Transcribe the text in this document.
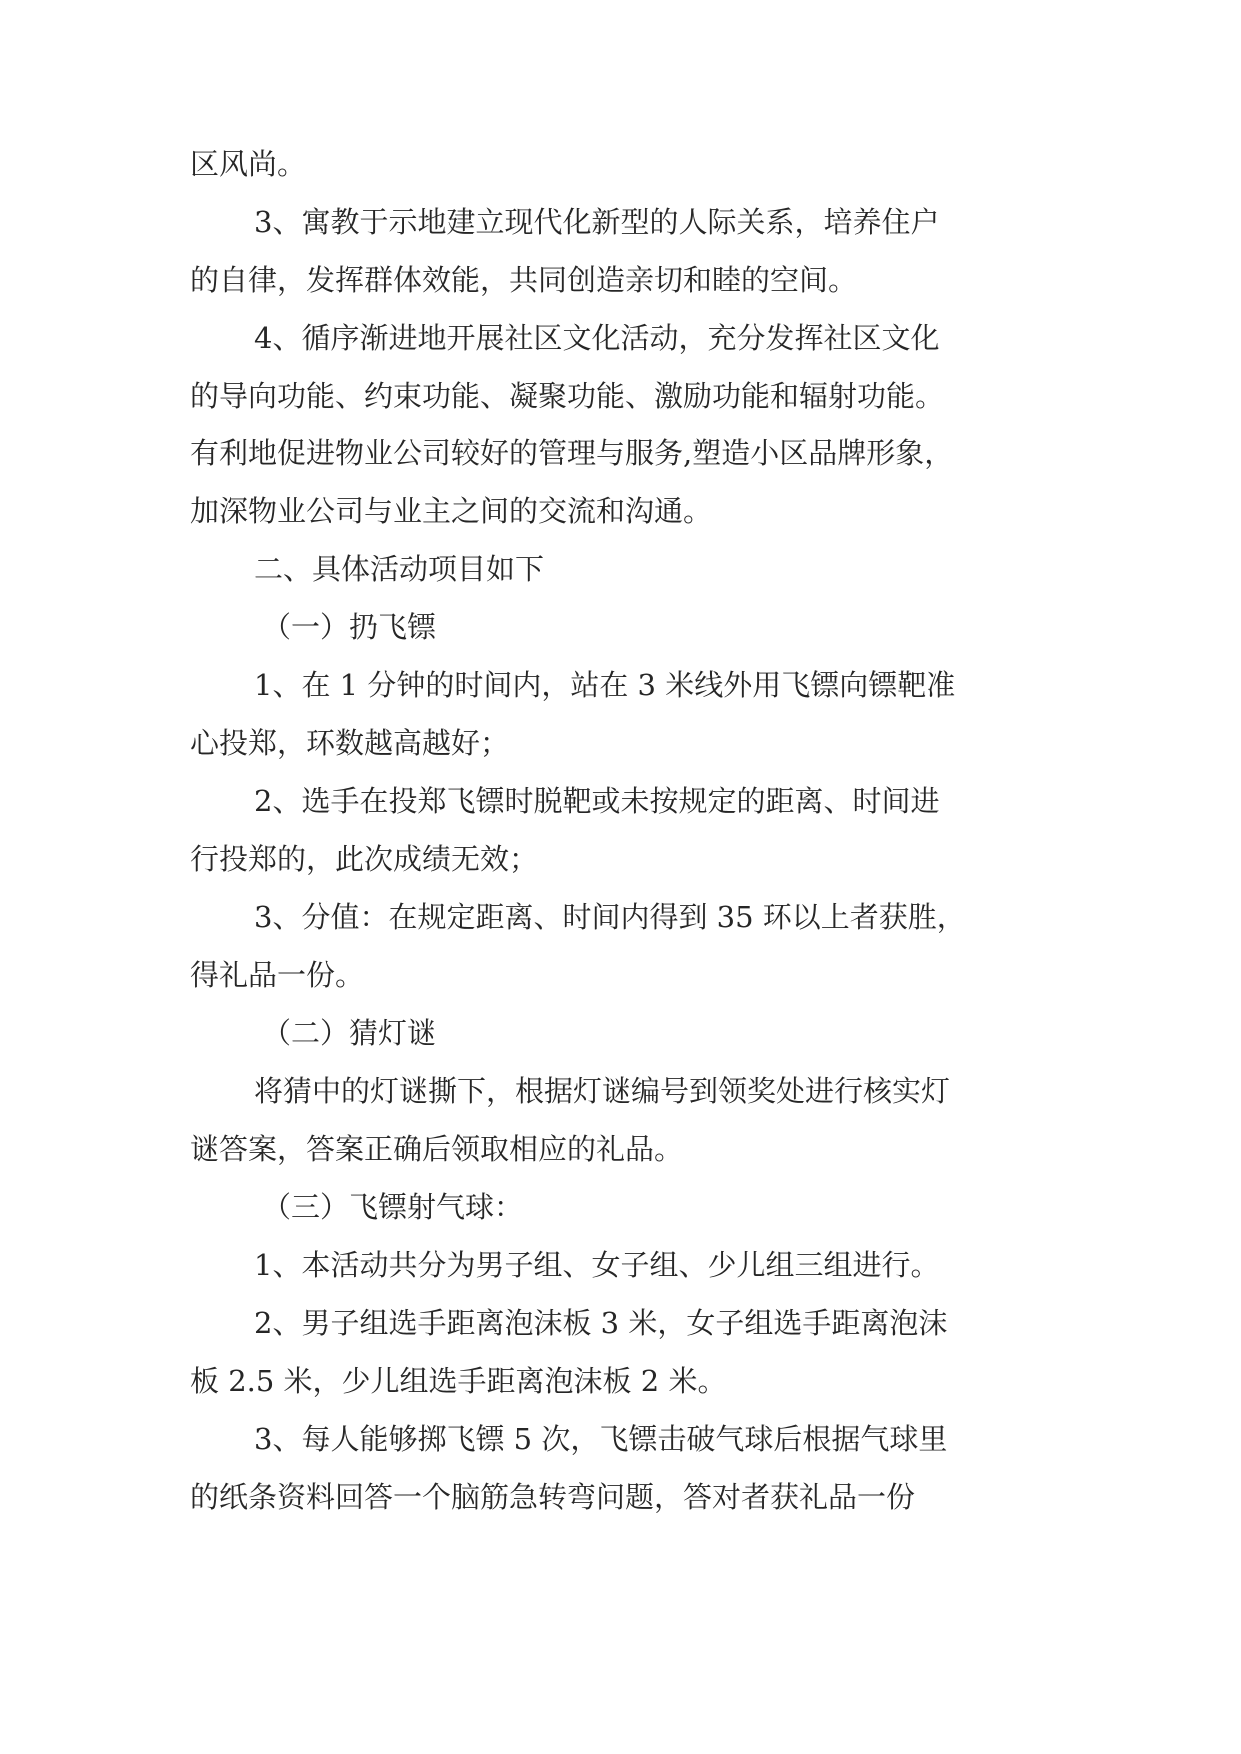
区风尚。
3、寓教于示地建立现代化新型的人际关系，培养住户
的自律，发挥群体效能，共同创造亲切和睦的空间。
4、循序渐进地开展社区文化活动，充分发挥社区文化
的导向功能、约束功能、凝聚功能、激励功能和辐射功能。
有利地促进物业公司较好的管理与服务,塑造小区品牌形象，
加深物业公司与业主之间的交流和沟通。
二、具体活动项目如下
（一）扔飞镖
1、在 1 分钟的时间内，站在 3 米线外用飞镖向镖靶准
心投郑，环数越高越好；
2、选手在投郑飞镖时脱靶或未按规定的距离、时间进
行投郑的，此次成绩无效；
3、分值：在规定距离、时间内得到 35 环以上者获胜，
得礼品一份。
（二）猜灯谜
将猜中的灯谜撕下，根据灯谜编号到领奖处进行核实灯
谜答案，答案正确后领取相应的礼品。
（三）飞镖射气球：
1、本活动共分为男子组、女子组、少儿组三组进行。
2、男子组选手距离泡沫板 3 米，女子组选手距离泡沫
板 2.5 米，少儿组选手距离泡沫板 2 米。
3、每人能够掷飞镖 5 次，飞镖击破气球后根据气球里
的纸条资料回答一个脑筋急转弯问题，答对者获礼品一份
